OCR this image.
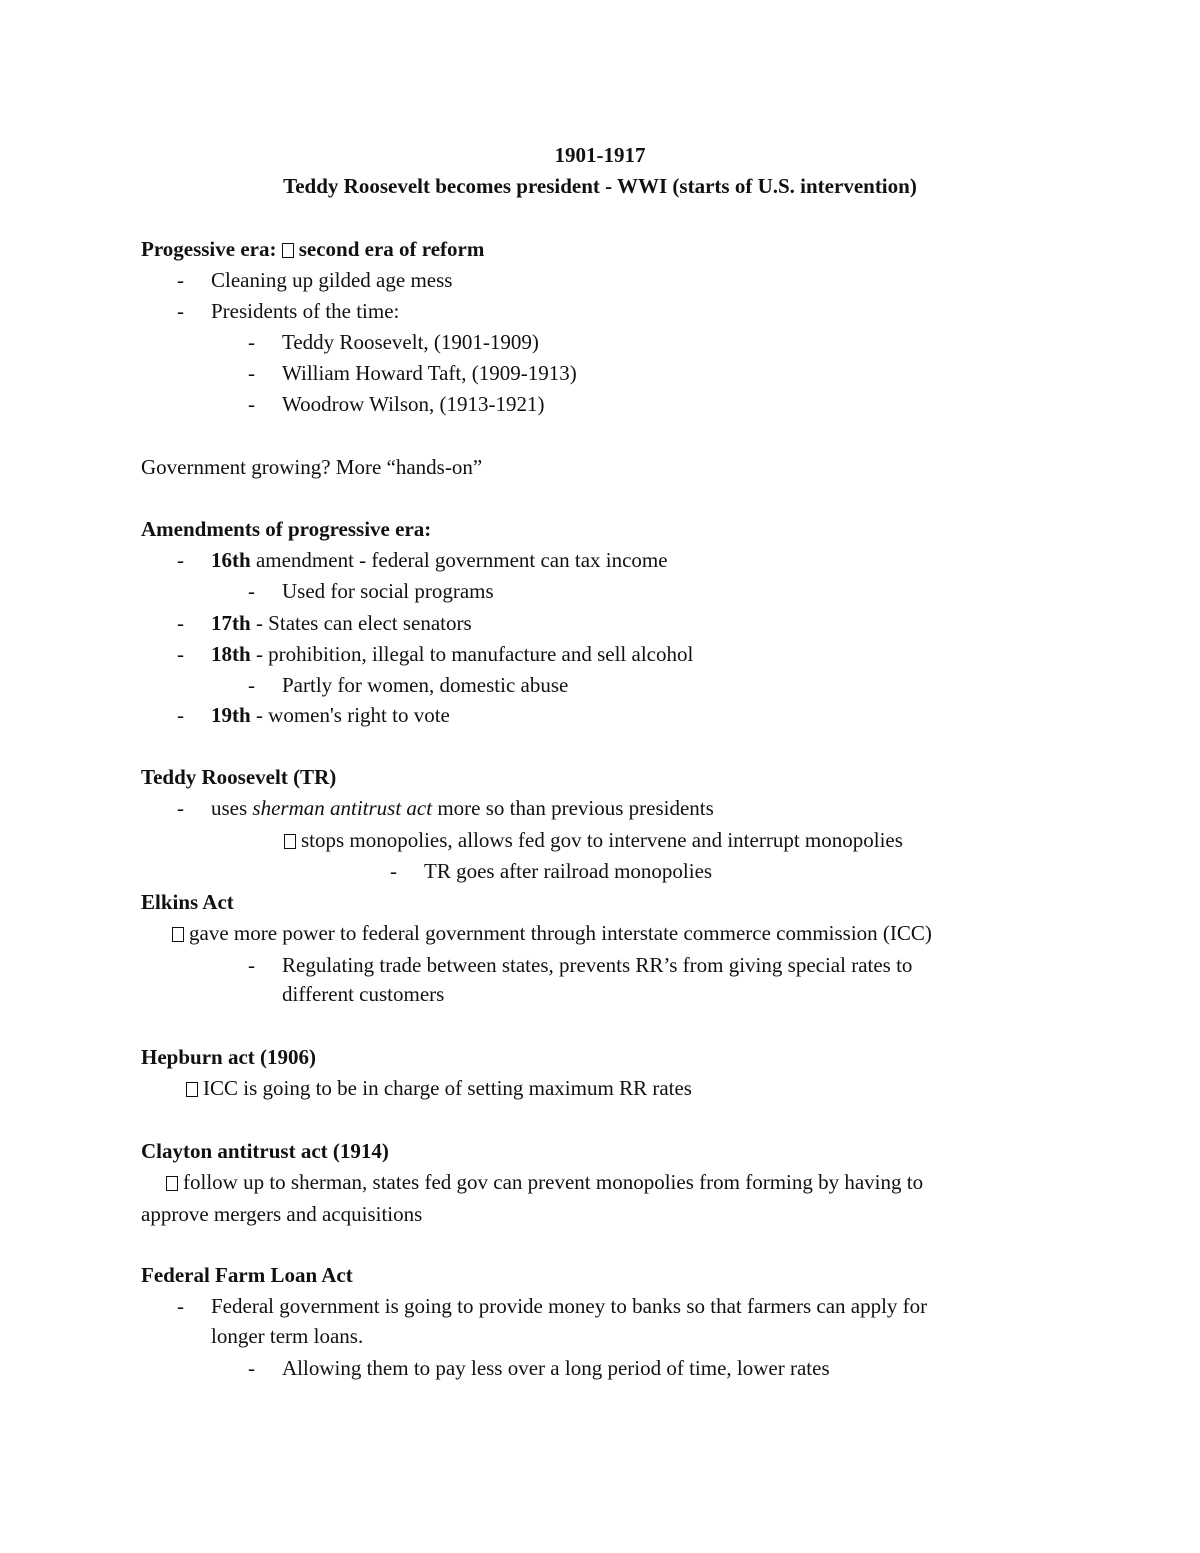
1901-1917
Teddy Roosevelt becomes president - WWI (starts of U.S. intervention)
Progessive era: second era of reform
- Cleaning up gilded age mess
- Presidents of the time:
- Teddy Roosevelt, (1901-1909)
- William Howard Taft, (1909-1913)
- Woodrow Wilson, (1913-1921)
Government growing? More “hands-on”
Amendments of progressive era:
- 16th amendment - federal government can tax income
- Used for social programs
- 17th - States can elect senators
- 18th - prohibition, illegal to manufacture and sell alcohol
- Partly for women, domestic abuse
- 19th - women's right to vote
Teddy Roosevelt (TR)
- uses sherman antitrust act more so than previous presidents
stops monopolies, allows fed gov to intervene and interrupt monopolies
- TR goes after railroad monopolies
Elkins Act
gave more power to federal government through interstate commerce commission (ICC)
- Regulating trade between states, prevents RR’s from giving special rates to
different customers
Hepburn act (1906)
ICC is going to be in charge of setting maximum RR rates
Clayton antitrust act (1914)
follow up to sherman, states fed gov can prevent monopolies from forming by having to
approve mergers and acquisitions
Federal Farm Loan Act
- Federal government is going to provide money to banks so that farmers can apply for
longer term loans.
- Allowing them to pay less over a long period of time, lower rates
